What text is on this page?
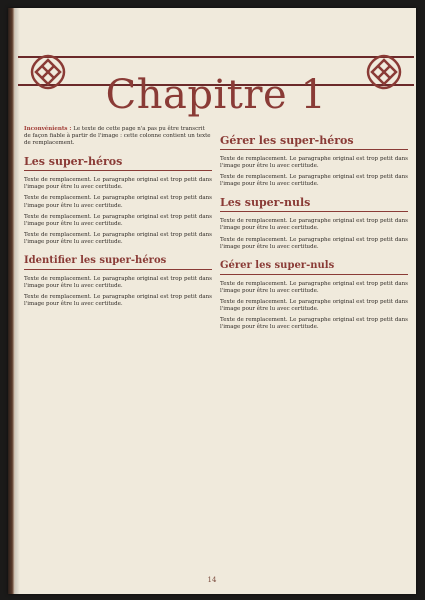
Chapitre 1

Inconvénients : Le texte de cette page n'a pas pu être transcrit de façon fiable à partir de l'image : cette colonne contient un texte de remplacement.

Les super-héros

Texte de remplacement. Le paragraphe original est trop petit dans l'image pour être lu avec certitude.

Texte de remplacement. Le paragraphe original est trop petit dans l'image pour être lu avec certitude.

Texte de remplacement. Le paragraphe original est trop petit dans l'image pour être lu avec certitude.

Texte de remplacement. Le paragraphe original est trop petit dans l'image pour être lu avec certitude.

Identifier les super-héros

Texte de remplacement. Le paragraphe original est trop petit dans l'image pour être lu avec certitude.

Texte de remplacement. Le paragraphe original est trop petit dans l'image pour être lu avec certitude.

Gérer les super-héros

Texte de remplacement. Le paragraphe original est trop petit dans l'image pour être lu avec certitude.

Texte de remplacement. Le paragraphe original est trop petit dans l'image pour être lu avec certitude.

Les super-nuls

Texte de remplacement. Le paragraphe original est trop petit dans l'image pour être lu avec certitude.

Texte de remplacement. Le paragraphe original est trop petit dans l'image pour être lu avec certitude.

Gérer les super-nuls

Texte de remplacement. Le paragraphe original est trop petit dans l'image pour être lu avec certitude.

Texte de remplacement. Le paragraphe original est trop petit dans l'image pour être lu avec certitude.

Texte de remplacement. Le paragraphe original est trop petit dans l'image pour être lu avec certitude.

14
